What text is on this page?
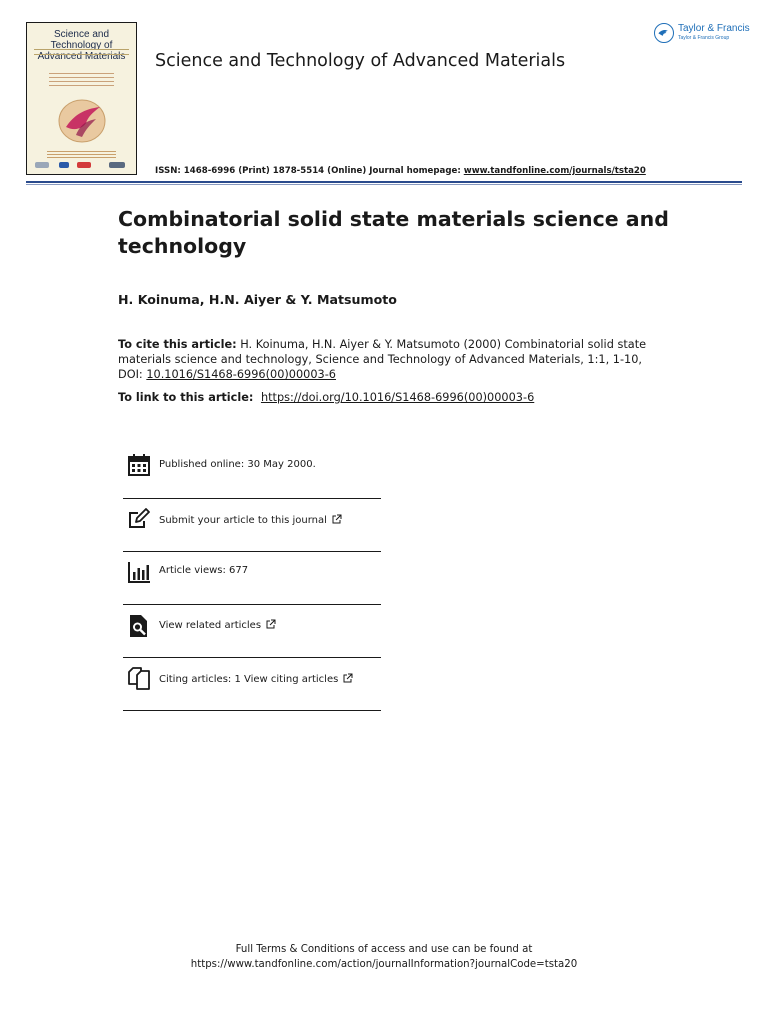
Science and Technology of Advanced Materials	Science and Technology of Advanced Materials
Taylor & Francis
Taylor & Francis Group
ISSN: 1468-6996 (Print) 1878-5514 (Online) Journal homepage: www.tandfonline.com/journals/tsta20
Combinatorial solid state materials science and technology
H. Koinuma, H.N. Aiyer & Y. Matsumoto
To cite this article: H. Koinuma, H.N. Aiyer & Y. Matsumoto (2000) Combinatorial solid state materials science and technology, Science and Technology of Advanced Materials, 1:1, 1-10, DOI: 10.1016/S1468-6996(00)00003-6
To link to this article:  https://doi.org/10.1016/S1468-6996(00)00003-6
Published online: 30 May 2000.
Submit your article to this journal
Article views: 677
View related articles
Citing articles: 1 View citing articles
Full Terms & Conditions of access and use can be found at
https://www.tandfonline.com/action/journalInformation?journalCode=tsta20
